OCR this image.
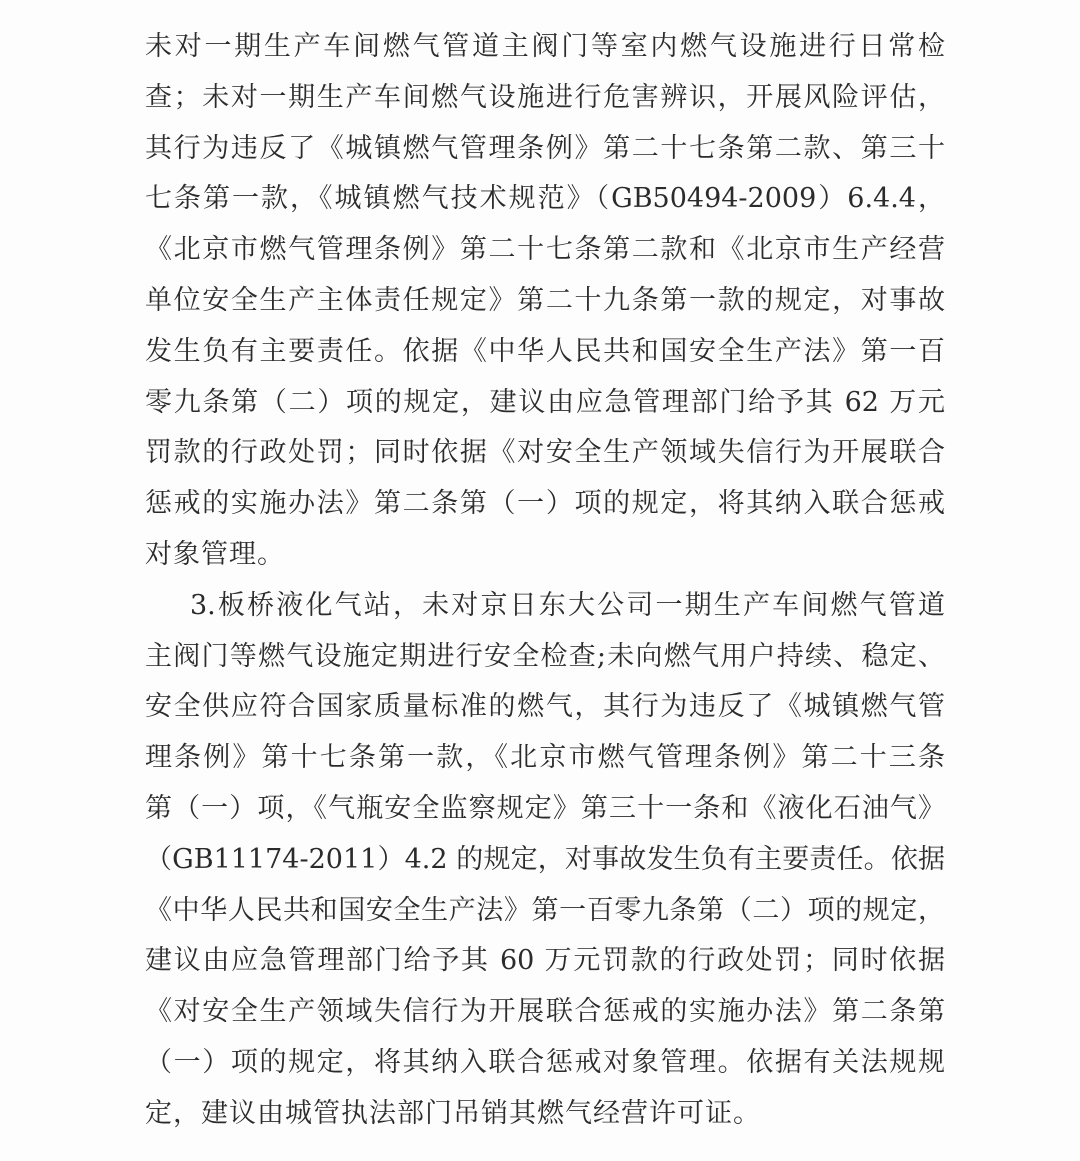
未对一期生产车间燃气管道主阀门等室内燃气设施进行日常检
查；未对一期生产车间燃气设施进行危害辨识，开展风险评估，
其行为违反了《城镇燃气管理条例》第二十七条第二款、第三十
七条第一款，《城镇燃气技术规范》（GB50494-2009）6.4.4，
《北京市燃气管理条例》第二十七条第二款和《北京市生产经营
单位安全生产主体责任规定》第二十九条第一款的规定，对事故
发生负有主要责任。依据《中华人民共和国安全生产法》第一百
零九条第（二）项的规定，建议由应急管理部门给予其 62 万元
罚款的行政处罚；同时依据《对安全生产领域失信行为开展联合
惩戒的实施办法》第二条第（一）项的规定，将其纳入联合惩戒
对象管理。
3.板桥液化气站，未对京日东大公司一期生产车间燃气管道
主阀门等燃气设施定期进行安全检查;未向燃气用户持续、稳定、
安全供应符合国家质量标准的燃气，其行为违反了《城镇燃气管
理条例》第十七条第一款，《北京市燃气管理条例》第二十三条
第（一）项，《气瓶安全监察规定》第三十一条和《液化石油气》
（GB11174-2011）4.2 的规定，对事故发生负有主要责任。依据
《中华人民共和国安全生产法》第一百零九条第（二）项的规定，
建议由应急管理部门给予其 60 万元罚款的行政处罚；同时依据
《对安全生产领域失信行为开展联合惩戒的实施办法》第二条第
（一）项的规定，将其纳入联合惩戒对象管理。依据有关法规规
定，建议由城管执法部门吊销其燃气经营许可证。
